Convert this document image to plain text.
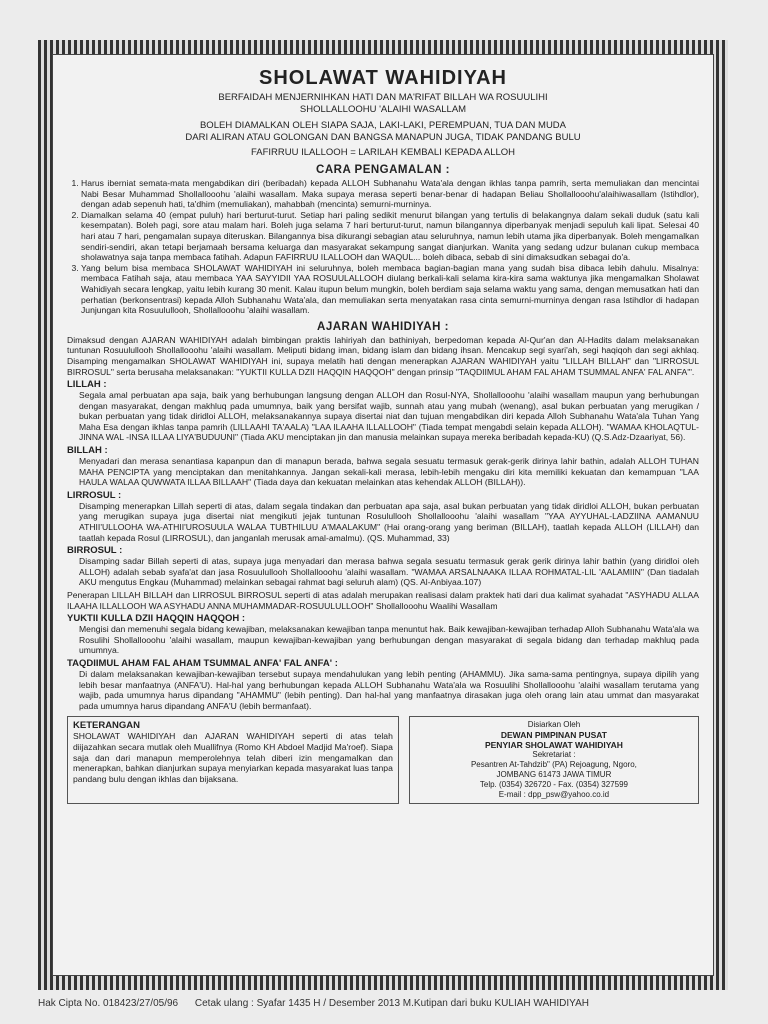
SHOLAWAT WAHIDIYAH
BERFAIDAH MENJERNIHKAN HATI DAN MA'RIFAT BILLAH WA ROSUULIHI
SHOLLALLOOHU 'ALAIHI WASALLAM
BOLEH DIAMALKAN OLEH SIAPA SAJA, LAKI-LAKI, PEREMPUAN, TUA DAN MUDA
DARI ALIRAN ATAU GOLONGAN DAN BANGSA MANAPUN JUGA, TIDAK PANDANG BULU
FAFIRRUU ILALLOOH = LARILAH KEMBALI KEPADA ALLOH
CARA PENGAMALAN :
1. Harus iberniat semata-mata mengabdikan diri (beribadah) kepada ALLOH Subhanahu Wata'ala dengan ikhlas tanpa pamrih, serta memuliakan dan mencintai Nabi Besar Muhammad Shollallooohu 'alaihi wasallam. Maka supaya merasa seperti benar-benar di hadapan Beliau Shollallooohu'alaihiwasallam (Istihdlor), dengan adab sepenuh hati, ta'dhim (memuliakan), mahabbah (mencinta) semurni-murninya.
2. Diamalkan selama 40 (empat puluh) hari berturut-turut. Setiap hari paling sedikit menurut bilangan yang tertulis di belakangnya dalam sekali duduk (satu kali kesempatan). Boleh pagi, sore atau malam hari. Boleh juga selama 7 hari berturut-turut, namun bilangannya diperbanyak menjadi sepuluh kali lipat. Selesai 40 hari atau 7 hari, pengamalan supaya diteruskan. Bilangannya bisa dikurangi sebagian atau seluruhnya, namun lebih utama jika diperbanyak. Boleh mengamalkan sendiri-sendiri, akan tetapi berjamaah bersama keluarga dan masyarakat sekampung sangat dianjurkan. Wanita yang sedang udzur bulanan cukup membaca sholawatnya saja tanpa membaca fatihah. Adapun FAFIRRUU ILALLOOH dan WAQUL... boleh dibaca, sebab di sini dimaksudkan sebagai do'a.
3. Yang belum bisa membaca SHOLAWAT WAHIDIYAH ini seluruhnya, boleh membaca bagian-bagian mana yang sudah bisa dibaca lebih dahulu. Misalnya: membaca Fatihah saja, atau membaca YAA SAYYIDII YAA ROSUULALLOOH diulang berkali-kali selama kira-kira sama waktunya jika mengamalkan Sholawat Wahidiyah secara lengkap, yaitu lebih kurang 30 menit. Kalau itupun belum mungkin, boleh berdiam saja selama waktu yang sama, dengan memusatkan hati dan perhatian (berkonsentrasi) kepada Alloh Subhanahu Wata'ala, dan memuliakan serta menyatakan rasa cinta semurni-murninya dengan rasa Istihdlor di hadapan Junjungan kita Rosuulullooh, Shollallooohu 'alaihi wasallam.
AJARAN WAHIDIYAH :

Dimaksud dengan AJARAN WAHIDIYAH adalah bimbingan praktis lahiriyah dan bathiniyah, berpedoman kepada Al-Qur'an dan Al-Hadits dalam melaksanakan tuntunan Rosuulullooh Shollallooohu 'alaihi wasallam. Meliputi bidang iman, bidang islam dan bidang ihsan. Mencakup segi syari'ah, segi haqiqoh dan segi akhlaq. Disamping mengamalkan SHOLAWAT WAHIDIYAH ini, supaya melatih hati dengan menerapkan AJARAN WAHIDIYAH yaitu "LILLAH BILLAH" dan "LIRROSUL BIRROSUL" serta berusaha melaksanakan: "YUKTII KULLA DZII HAQQIN HAQQOH" dengan prinsip "TAQDIIMUL AHAM FAL AHAM TSUMMAL ANFA' FAL ANFA'".

LILLAH :

Segala amal perbuatan apa saja, baik yang berhubungan langsung dengan ALLOH dan Rosul-NYA, Shollallooohu 'alaihi wasallam maupun yang berhubungan dengan masyarakat, dengan makhluq pada umumnya, baik yang bersifat wajib, sunnah atau yang mubah (wenang), asal bukan perbuatan yang merugikan / bukan perbuatan yang tidak diridloi ALLOH, melaksanakannya supaya disertai niat dan tujuan mengabdikan diri kepada Alloh Subhanahu Wata'ala Tuhan Yang Maha Esa dengan ikhlas tanpa pamrih (LILLAAHI TA'AALA) "LAA ILAAHA ILLALLOOH" (Tiada tempat mengabdi selain kepada ALLOH). "WAMAA KHOLAQTUL-JINNA WAL -INSA ILLAA LIYA'BUDUUNI" (Tiada AKU menciptakan jin dan manusia melainkan supaya mereka beribadah kepada-KU) (Q.S.Adz-Dzaariyat, 56).

BILLAH :

Menyadari dan merasa senantiasa kapanpun dan di manapun berada, bahwa segala sesuatu termasuk gerak-gerik dirinya lahir bathin, adalah ALLOH TUHAN MAHA PENCIPTA yang menciptakan dan menitahkannya. Jangan sekali-kali merasa, lebih-lebih mengaku diri kita memiliki kekuatan dan kemampuan "LAA HAULA WALAA QUWWATA ILLAA BILLAAH" (Tiada daya dan kekuatan melainkan atas kehendak ALLOH (BILLAH)).

LIRROSUL :

Disamping menerapkan Lillah seperti di atas, dalam segala tindakan dan perbuatan apa saja, asal bukan perbuatan yang tidak diridloi ALLOH, bukan perbuatan yang merugikan supaya juga disertai niat mengikuti jejak tuntunan Rosulullooh Shollallooohu 'alaihi wasallam "YAA AYYUHAL-LADZIINA AAMANUU ATHII'ULLOOHA WA-ATHII'UROSUULA WALAA TUBTHILUU A'MAALAKUM" (Hai orang-orang yang beriman (BILLAH), taatlah kepada ALLOH (LILLAH) dan taatlah kepada Rosul (LIRROSUL), dan janganlah merusak amal-amalmu). (QS. Muhammad, 33)

BIRROSUL :

Disamping sadar Billah seperti di atas, supaya juga menyadari dan merasa bahwa segala sesuatu termasuk gerak gerik dirinya lahir bathin (yang diridloi oleh ALLOH) adalah sebab syafa'at dan jasa Rosuulullooh Shollallooohu 'alaihi wasallam. "WAMAA ARSALNAAKA ILLAA ROHMATAL-LIL 'AALAMIIN" (Dan tiadalah AKU mengutus Engkau (Muhammad) melainkan sebagai rahmat bagi seluruh alam) (QS. Al-Anbiyaa.107)

Penerapan LILLAH BILLAH dan LIRROSUL BIRROSUL seperti di atas adalah merupakan realisasi dalam praktek hati dari dua kalimat syahadat "ASYHADU ALLAA ILAAHA ILLALLOOH WA ASYHADU ANNA MUHAMMADAR-ROSUULULLOOH" Shollallooohu Waalihi Wasallam

YUKTII KULLA DZII HAQQIN HAQQOH :

Mengisi dan memenuhi segala bidang kewajiban, melaksanakan kewajiban tanpa menuntut hak. Baik kewajiban-kewajiban terhadap Alloh Subhanahu Wata'ala wa Rosulihi Shollallooohu 'alaihi wasallam, maupun kewajiban-kewajiban yang berhubungan dengan masyarakat di segala bidang dan terhadap makhluq pada umumnya.

TAQDIIMUL AHAM FAL AHAM TSUMMAL ANFA' FAL ANFA' :

Di dalam melaksanakan kewajiban-kewajiban tersebut supaya mendahulukan yang lebih penting (AHAMMU). Jika sama-sama pentingnya, supaya dipilih yang lebih besar manfaatnya (ANFA'U). Hal-hal yang berhubungan kepada ALLOH Subhanahu Wata'ala wa Rosuulihi Shollallooohu 'alaihi wasallam terutama yang wajib, pada umumnya harus dipandang "AHAMMU" (lebih penting). Dan hal-hal yang manfaatnya dirasakan juga oleh orang lain atau ummat dan masyarakat pada umumnya harus dipandang ANFA'U (lebih bermanfaat).

KETERANGAN

SHOLAWAT WAHIDIYAH dan AJARAN WAHIDIYAH seperti di atas telah diijazahkan secara mutlak oleh Muallifnya (Romo KH Abdoel Madjid Ma'roef). Siapa saja dan dari manapun memperolehnya telah diberi izin mengamalkan dan menerapkan, bahkan dianjurkan supaya menyiarkan kepada masyarakat luas tanpa pandang bulu dengan ikhlas dan bijaksana.

Disiarkan Oleh
DEWAN PIMPINAN PUSAT
PENYIAR SHOLAWAT WAHIDIYAH
Sekretariat :
Pesantren At-Tahdzib" (PA) Rejoagung, Ngoro,
JOMBANG 61473 JAWA TIMUR
Telp. (0354) 326720 - Fax. (0354) 327599
E-mail : dpp_psw@yahoo.co.id
Hak Cipta No. 018423/27/05/96 Cetak ulang : Syafar 1435 H / Desember 2013 M.Kutipan dari buku KULIAH WAHIDIYAH
